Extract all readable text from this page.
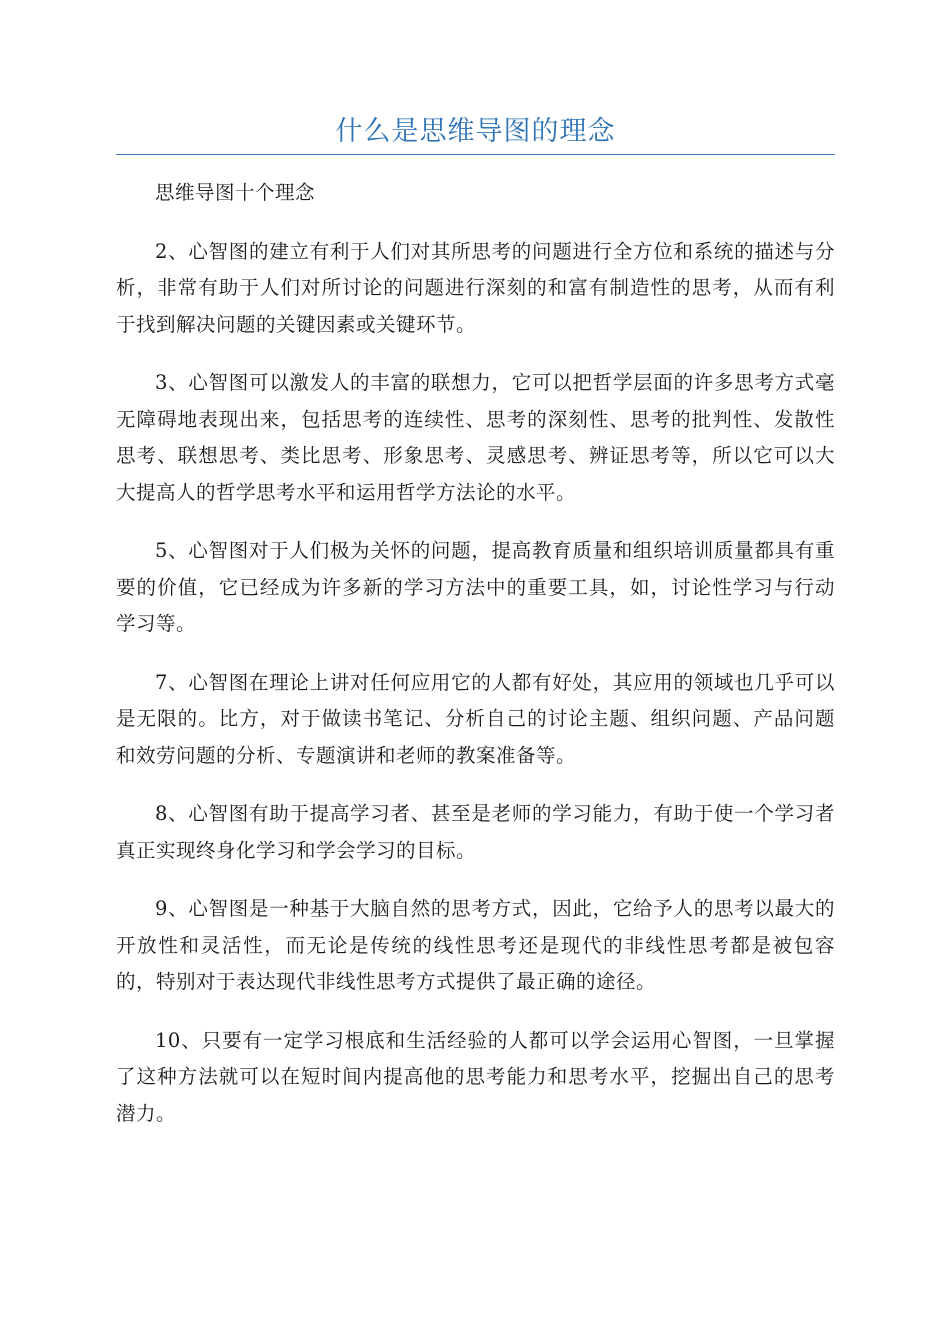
什么是思维导图的理念

思维导图十个理念

2、心智图的建立有利于人们对其所思考的问题进行全方位和系统的描述与分析，非常有助于人们对所讨论的问题进行深刻的和富有制造性的思考，从而有利于找到解决问题的关键因素或关键环节。

3、心智图可以激发人的丰富的联想力，它可以把哲学层面的许多思考方式毫无障碍地表现出来，包括思考的连续性、思考的深刻性、思考的批判性、发散性思考、联想思考、类比思考、形象思考、灵感思考、辨证思考等，所以它可以大大提高人的哲学思考水平和运用哲学方法论的水平。

5、心智图对于人们极为关怀的问题，提高教育质量和组织培训质量都具有重要的价值，它已经成为许多新的学习方法中的重要工具，如，讨论性学习与行动学习等。

7、心智图在理论上讲对任何应用它的人都有好处，其应用的领域也几乎可以是无限的。比方，对于做读书笔记、分析自己的讨论主题、组织问题、产品问题和效劳问题的分析、专题演讲和老师的教案准备等。

8、心智图有助于提高学习者、甚至是老师的学习能力，有助于使一个学习者真正实现终身化学习和学会学习的目标。

9、心智图是一种基于大脑自然的思考方式，因此，它给予人的思考以最大的开放性和灵活性，而无论是传统的线性思考还是现代的非线性思考都是被包容的，特别对于表达现代非线性思考方式提供了最正确的途径。

10、只要有一定学习根底和生活经验的人都可以学会运用心智图，一旦掌握了这种方法就可以在短时间内提高他的思考能力和思考水平，挖掘出自己的思考潜力。
